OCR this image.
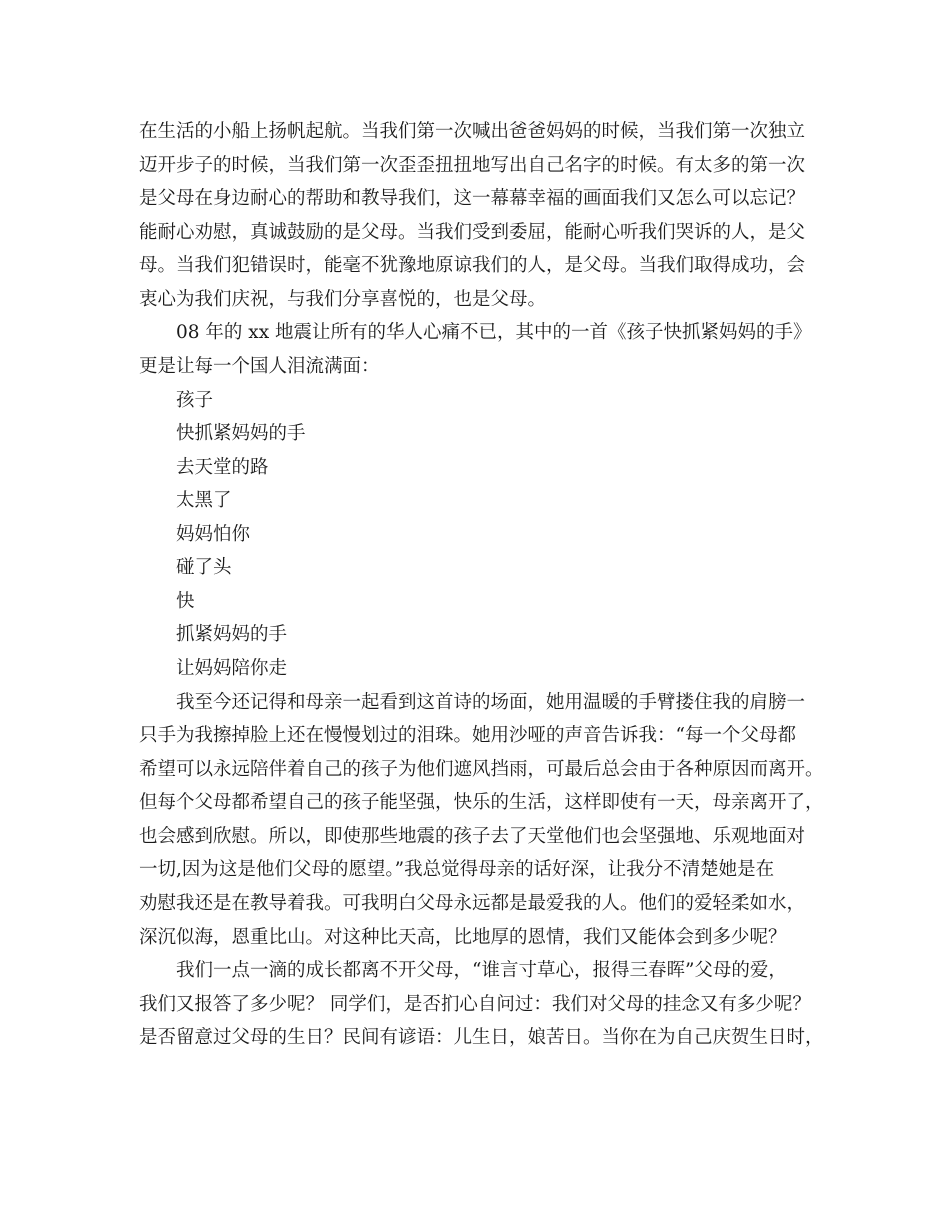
在生活的小船上扬帆起航。当我们第一次喊出爸爸妈妈的时候，当我们第一次独立
迈开步子的时候，当我们第一次歪歪扭扭地写出自己名字的时候。有太多的第一次
是父母在身边耐心的帮助和教导我们，这一幕幕幸福的画面我们又怎么可以忘记？
能耐心劝慰，真诚鼓励的是父母。当我们受到委屈，能耐心听我们哭诉的人，是父
母。当我们犯错误时，能毫不犹豫地原谅我们的人，是父母。当我们取得成功，会
衷心为我们庆祝，与我们分享喜悦的，也是父母。
08 年的 xx 地震让所有的华人心痛不已，其中的一首《孩子快抓紧妈妈的手》
更是让每一个国人泪流满面：
孩子
快抓紧妈妈的手
去天堂的路
太黑了
妈妈怕你
碰了头
快
抓紧妈妈的手
让妈妈陪你走
我至今还记得和母亲一起看到这首诗的场面，她用温暖的手臂搂住我的肩膀一
只手为我擦掉脸上还在慢慢划过的泪珠。她用沙哑的声音告诉我：“每一个父母都
希望可以永远陪伴着自己的孩子为他们遮风挡雨，可最后总会由于各种原因而离开。
但每个父母都希望自己的孩子能坚强，快乐的生活，这样即使有一天，母亲离开了，
也会感到欣慰。所以，即使那些地震的孩子去了天堂他们也会坚强地、乐观地面对
一切,因为这是他们父母的愿望。”我总觉得母亲的话好深，让我分不清楚她是在
劝慰我还是在教导着我。可我明白父母永远都是最爱我的人。他们的爱轻柔如水，
深沉似海，恩重比山。对这种比天高，比地厚的恩情，我们又能体会到多少呢？
我们一点一滴的成长都离不开父母，“谁言寸草心，报得三春晖”父母的爱，
我们又报答了多少呢？ 同学们，是否扪心自问过：我们对父母的挂念又有多少呢？
是否留意过父母的生日？民间有谚语：儿生日，娘苦日。当你在为自己庆贺生日时，
